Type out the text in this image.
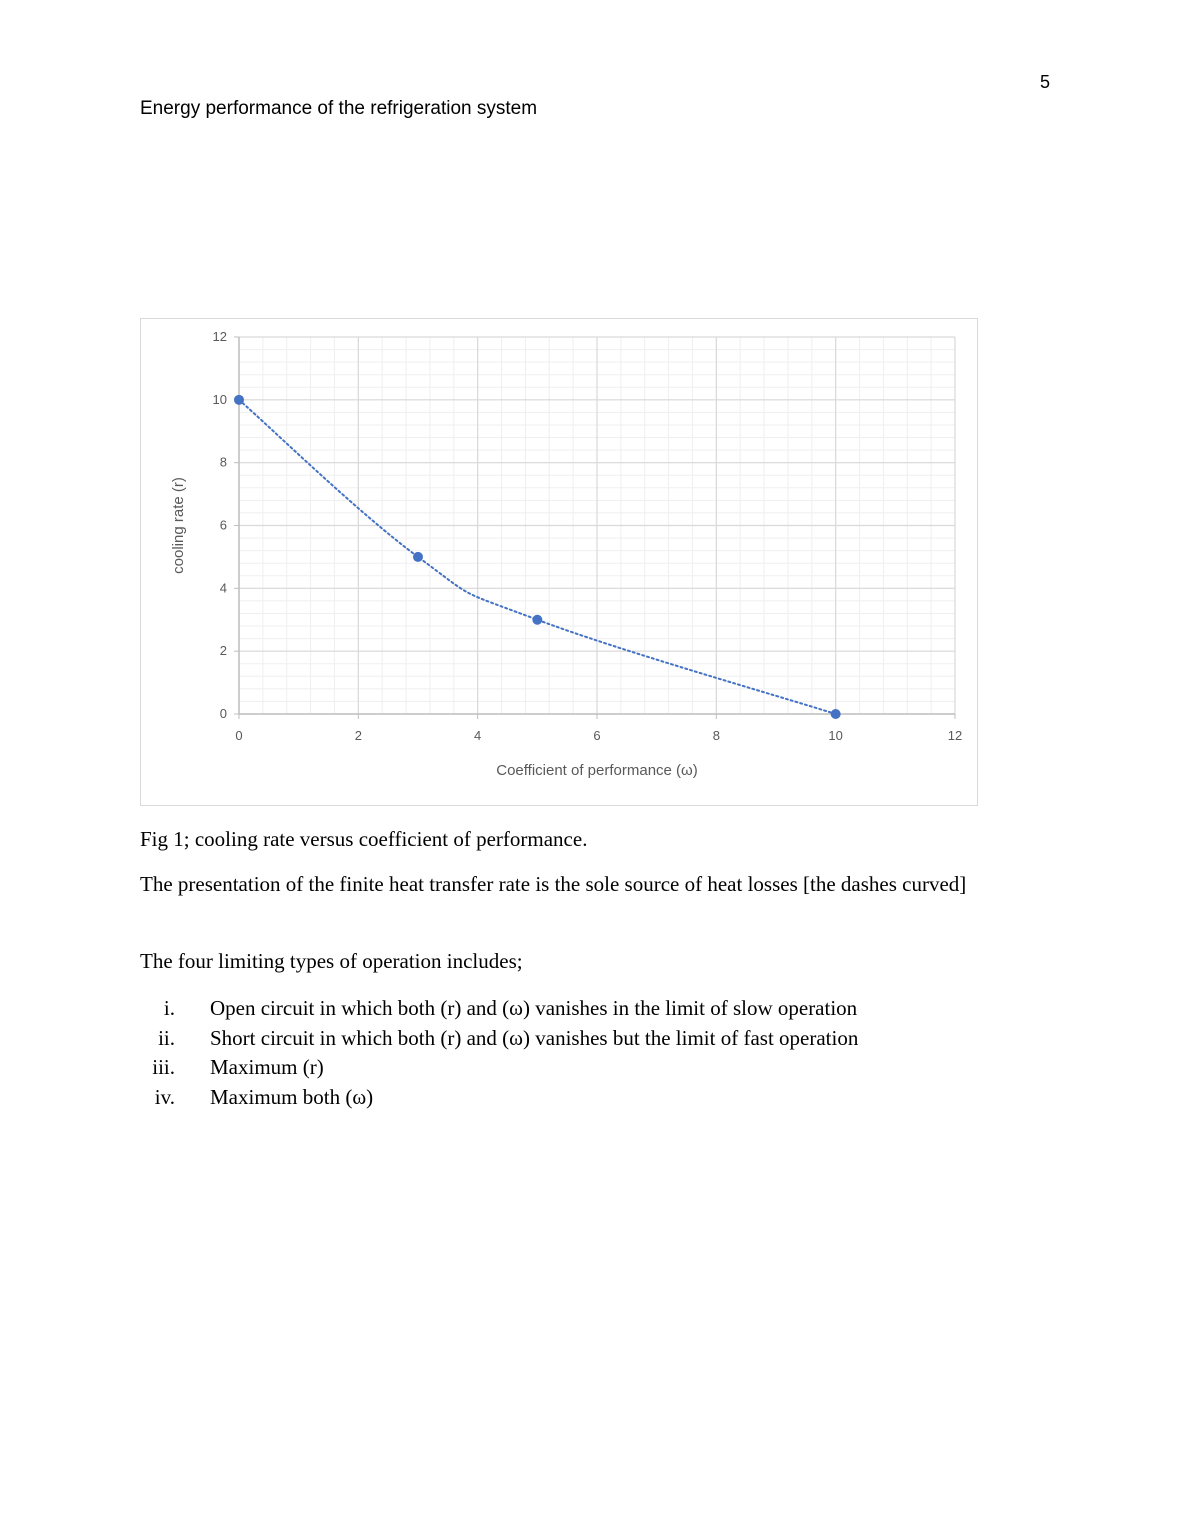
5
Energy performance of the refrigeration system
0	2	4	6	8	10	12
0
2
4
6
8
10
12
Coefficient of performance (ω)
cooling rate (r)
Fig 1; cooling rate versus coefficient of performance.
The presentation of the finite heat transfer rate is the sole source of heat losses [the dashes curved]
The four limiting types of operation includes;
i. Open circuit in which both (r) and (ω) vanishes in the limit of slow operation
ii. Short circuit in which both (r) and (ω) vanishes but the limit of fast operation
iii. Maximum (r)
iv. Maximum both (ω)
